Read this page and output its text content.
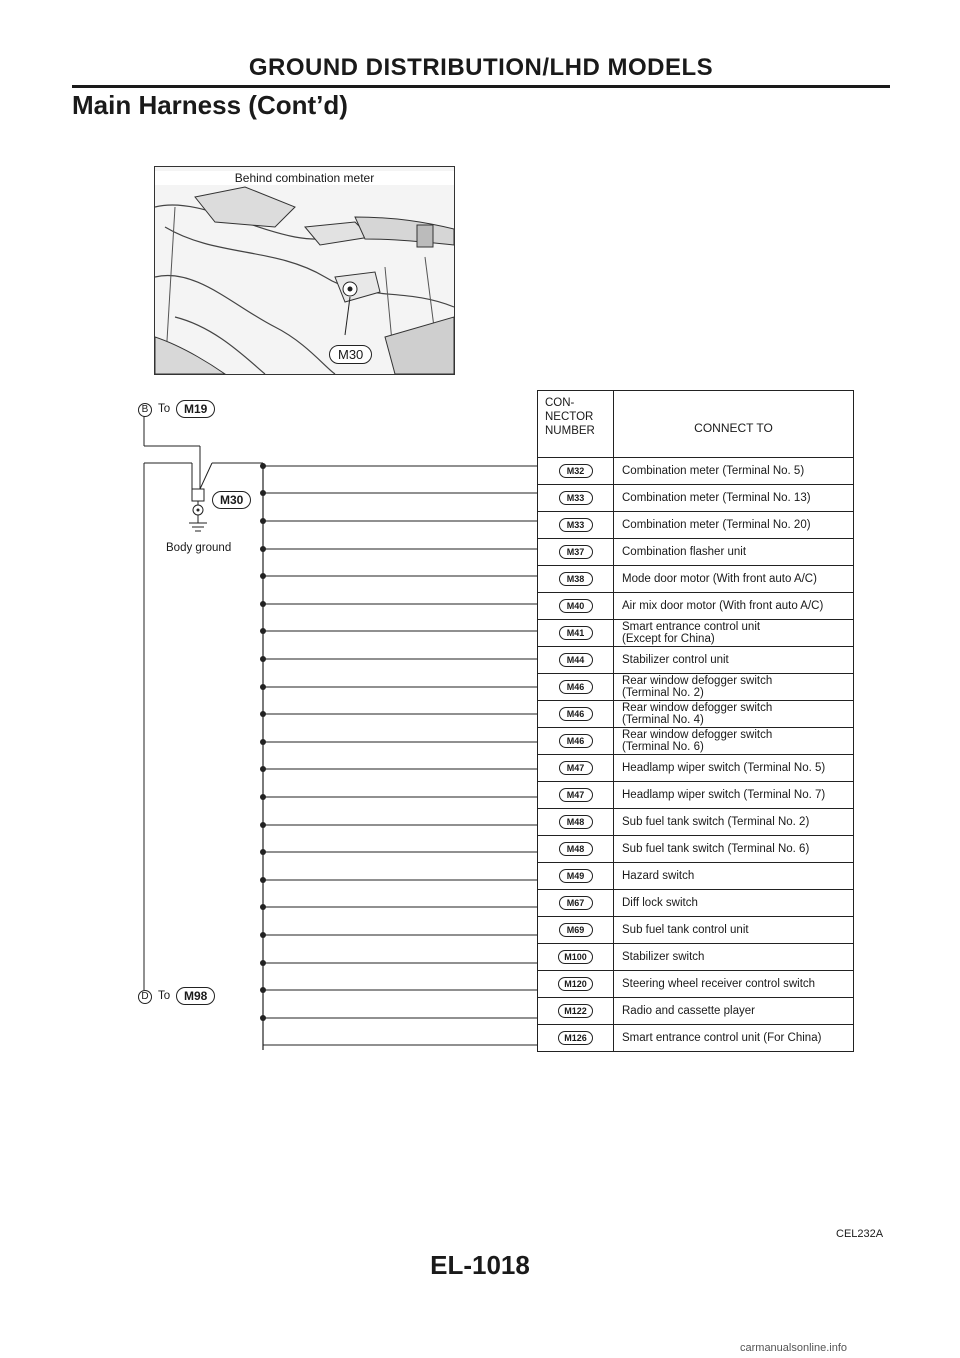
GROUND DISTRIBUTION/LHD MODELS
Main Harness (Cont’d)
Behind combination meter
M30
B To	M19
M30
Body ground
D To	M98
CON-
NECTOR
NUMBER	CONNECT TO
M32	Combination meter (Terminal No. 5)

M33	Combination meter (Terminal No. 13)

M33	Combination meter (Terminal No. 20)

M37	Combination flasher unit

M38	Mode door motor (With front auto A/C)

M40	Air mix door motor (With front auto A/C)

M41	Smart entrance control unit
(Except for China)

M44	Stabilizer control unit

M46	Rear window defogger switch
(Terminal No. 2)

M46	Rear window defogger switch
(Terminal No. 4)

M46	Rear window defogger switch
(Terminal No. 6)

M47	Headlamp wiper switch (Terminal No. 5)

M47	Headlamp wiper switch (Terminal No. 7)

M48	Sub fuel tank switch (Terminal No. 2)

M48	Sub fuel tank switch (Terminal No. 6)

M49	Hazard switch

M67	Diff lock switch

M69	Sub fuel tank control unit

M100	Stabilizer switch

M120	Steering wheel receiver control switch

M122	Radio and cassette player

M126	Smart entrance control unit (For China)
CEL232A
EL-1018
carmanualsonline.info
